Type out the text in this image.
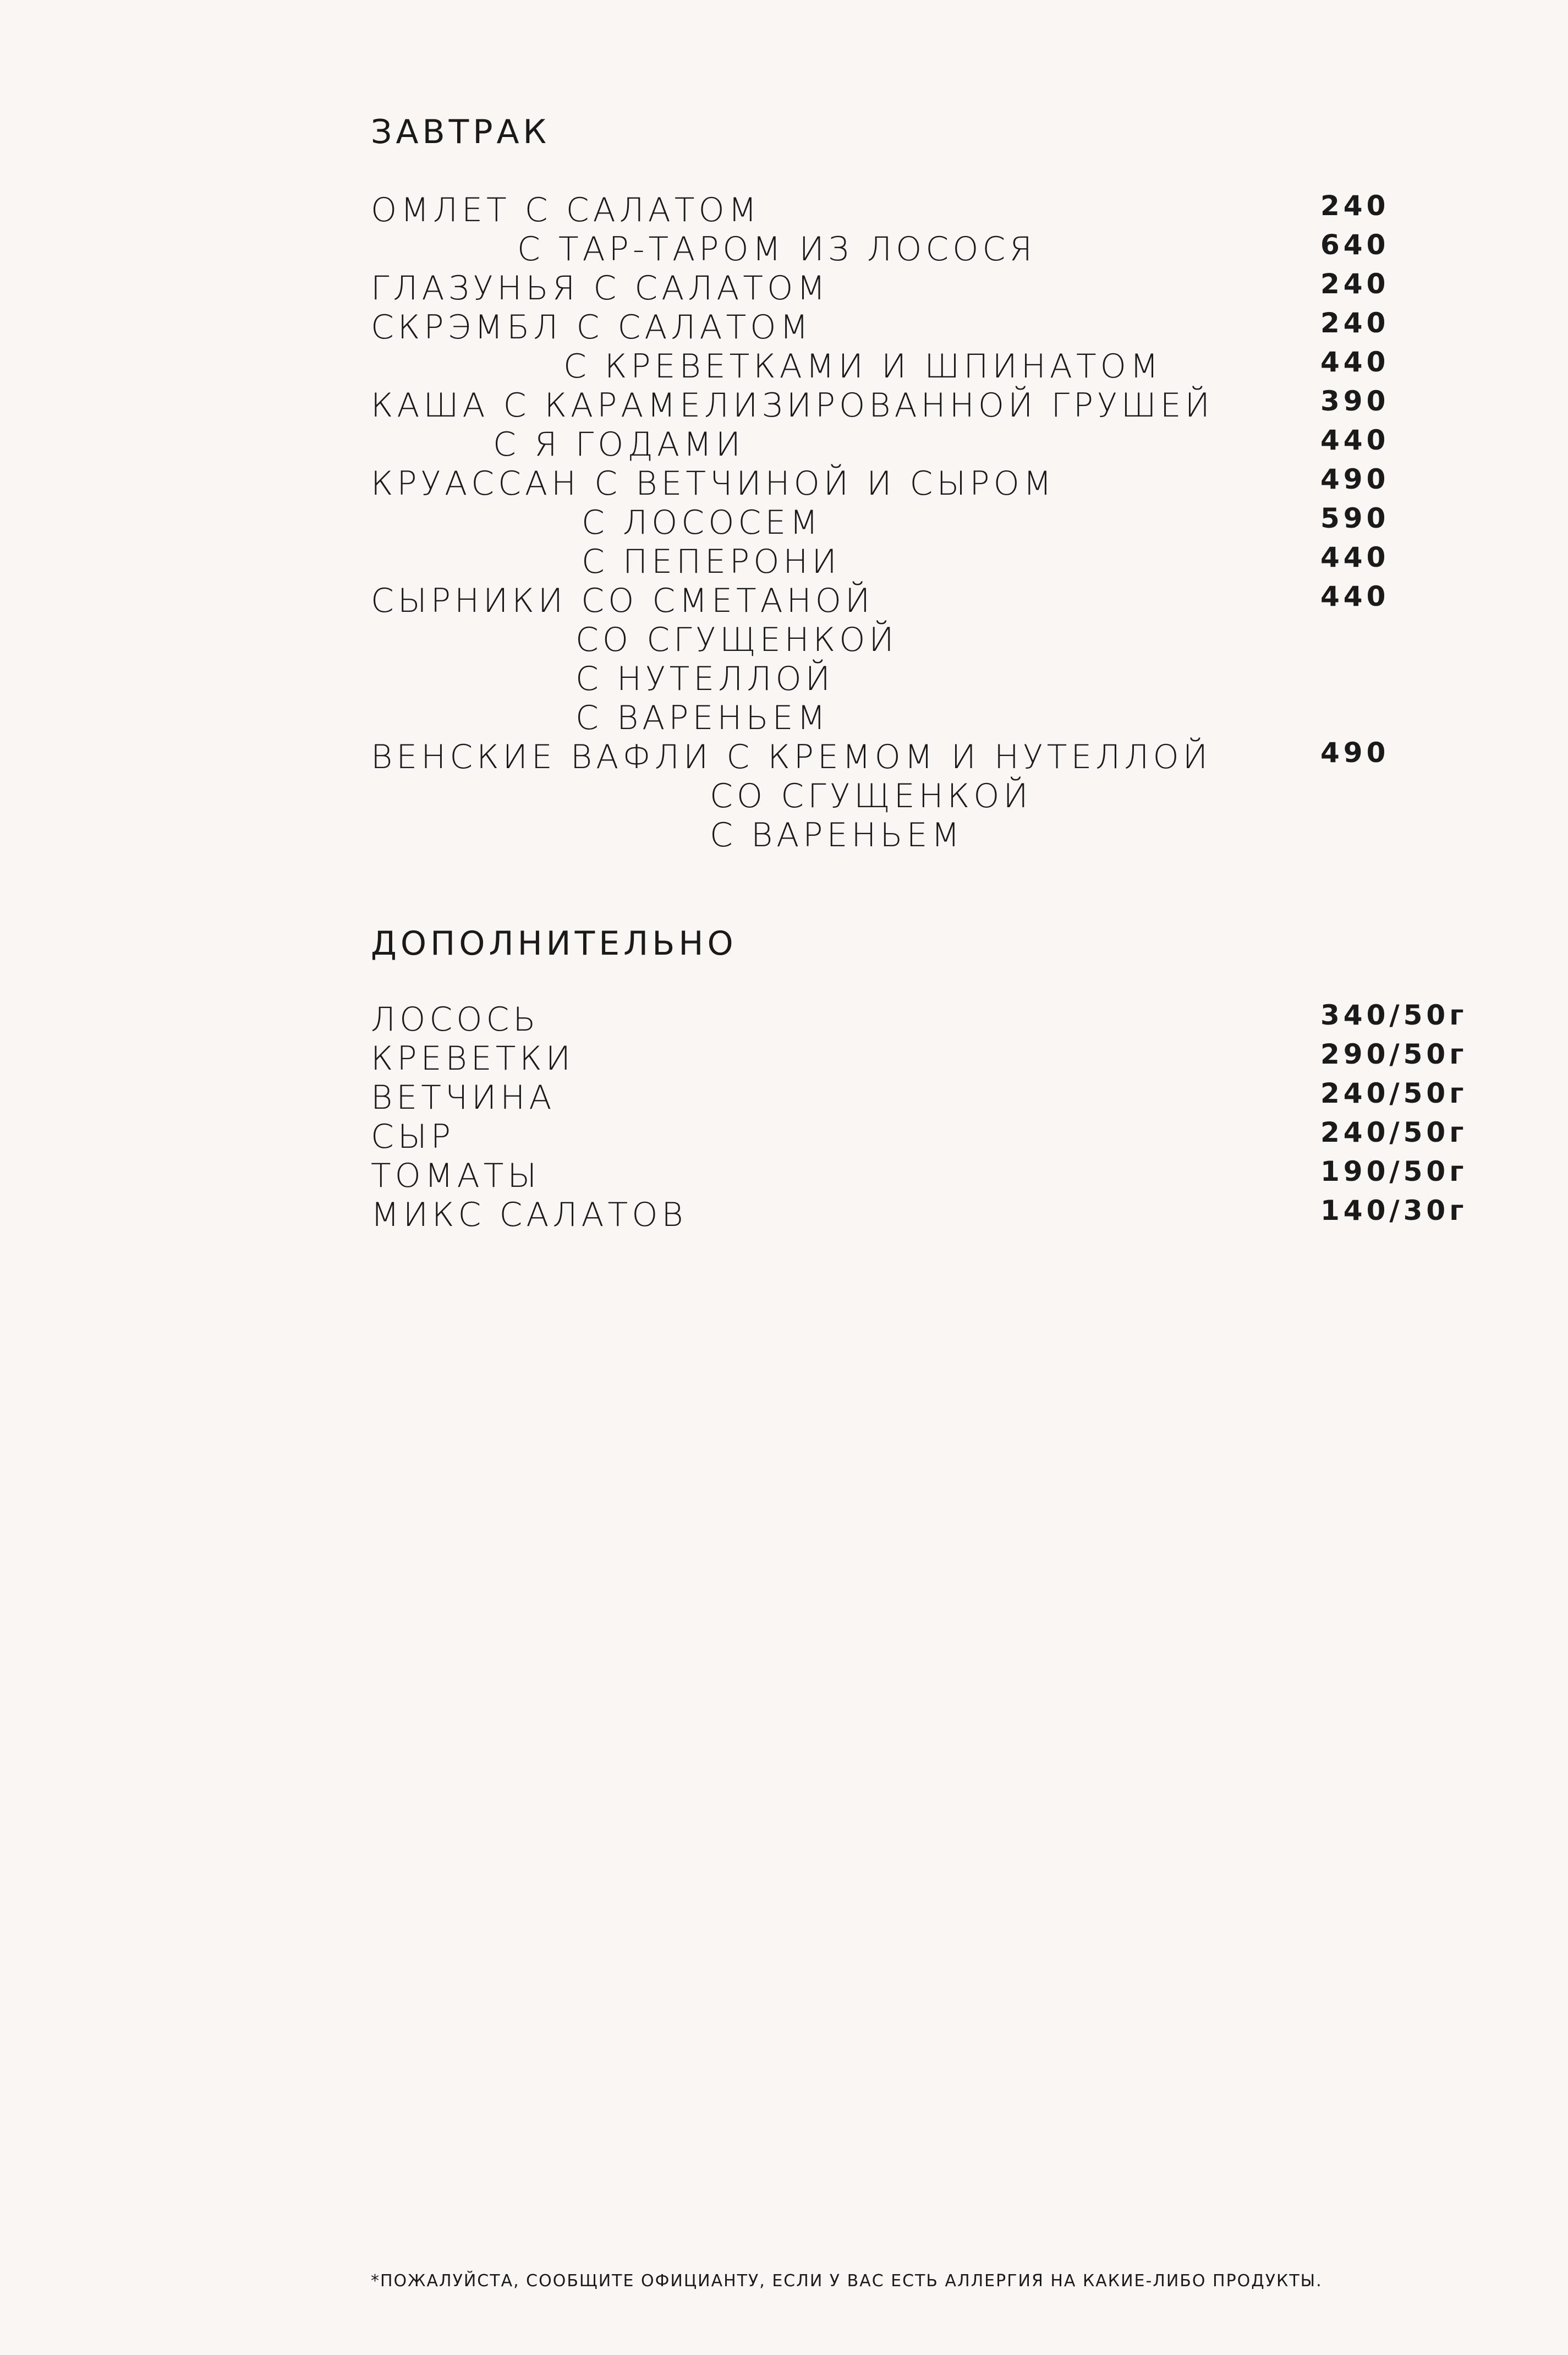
ЗАВТРАК
ОМЛЕТ С САЛАТОМ	240
С ТАР-ТАРОМ ИЗ ЛОСОСЯ	640
ГЛАЗУНЬЯ С САЛАТОМ	240
СКРЭМБЛ С САЛАТОМ	240
С КРЕВЕТКАМИ И ШПИНАТОМ	440
КАША С КАРАМЕЛИЗИРОВАННОЙ ГРУШЕЙ	390
С Я ГОДАМИ	440
КРУАССАН С ВЕТЧИНОЙ И СЫРОМ	490
С ЛОСОСЕМ	590
С ПЕПЕРОНИ	440
СЫРНИКИ СО СМЕТАНОЙ	440
СО СГУЩЕНКОЙ
С НУТЕЛЛОЙ
С ВАРЕНЬЕМ
ВЕНСКИЕ ВАФЛИ С КРЕМОМ И НУТЕЛЛОЙ	490
СО СГУЩЕНКОЙ
С ВАРЕНЬЕМ
ДОПОЛНИТЕЛЬНО
ЛОСОСЬ	340/50г
КРЕВЕТКИ	290/50г
ВЕТЧИНА	240/50г
СЫР	240/50г
ТОМАТЫ	190/50г
МИКС САЛАТОВ	140/30г

*ПОЖАЛУЙСТА, СООБЩИТЕ ОФИЦИАНТУ, ЕСЛИ У ВАС ЕСТЬ АЛЛЕРГИЯ НА КАКИЕ-ЛИБО ПРОДУКТЫ.
